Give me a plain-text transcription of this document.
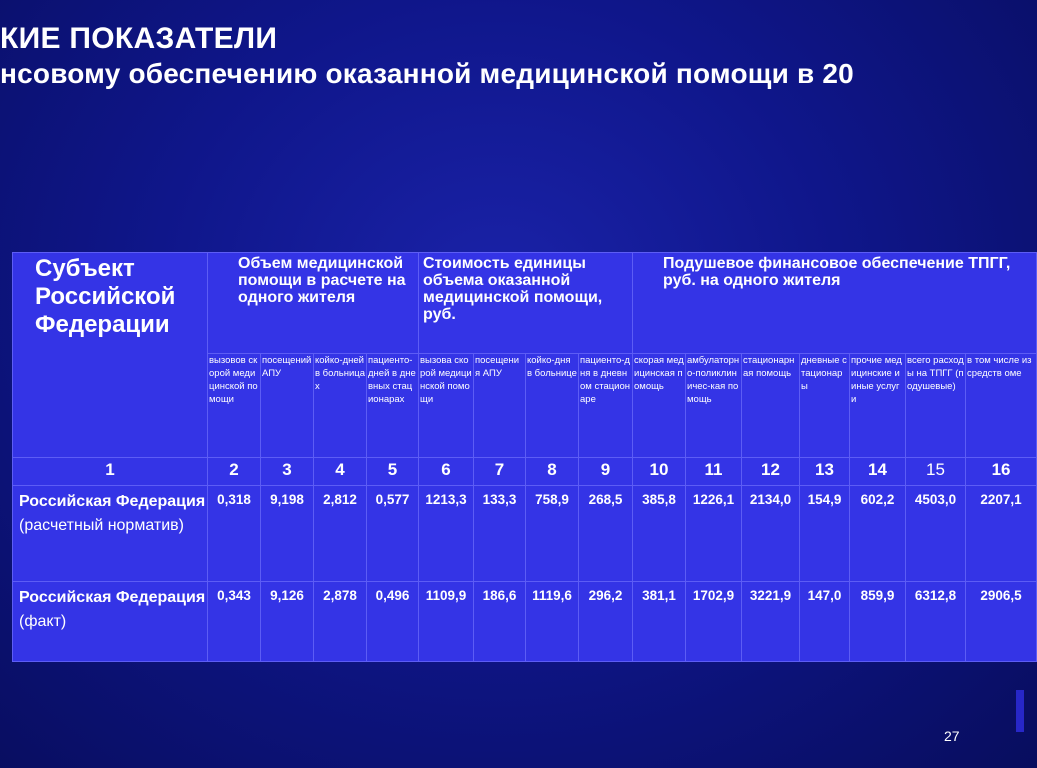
КИЕ ПОКАЗАТЕЛИ
нсовому обеспечению оказанной медицинской помощи в 20
Субъект Российской Федерации	Объем медицинской помощи в расчете на одного жителя				Стоимость единицы объема оказанной медицинской помощи, руб.				Подушевое финансовое обеспечение ТПГГ, руб. на одного жителя						
	вызовов скорой медицинской помощи	посещений АПУ	койко-дней в больницах	пациенто-дней в дневных стационарах	вызова скорой медицинской помощи	посещения АПУ	койко-дня в больнице	пациенто-дня в дневном стационаре	скорая медицинская помощь	амбулаторно-поликлиничес-кая помощь	стационарная помощь	дневные стационары	прочие медицинские и иные услуги	всего расходы на ТПГГ (подушевые)	в том числе из средств оме
1	2	3	4	5	6	7	8	9	10	11	12	13	14	15	16
Российская Федерация
(расчетный норматив)	0,318	9,198	2,812	0,577	1213,3	133,3	758,9	268,5	385,8	1226,1	2134,0	154,9	602,2	4503,0	2207,1
Российская Федерация
(факт)	0,343	9,126	2,878	0,496	1109,9	186,6	1119,6	296,2	381,1	1702,9	3221,9	147,0	859,9	6312,8	2906,5
27
